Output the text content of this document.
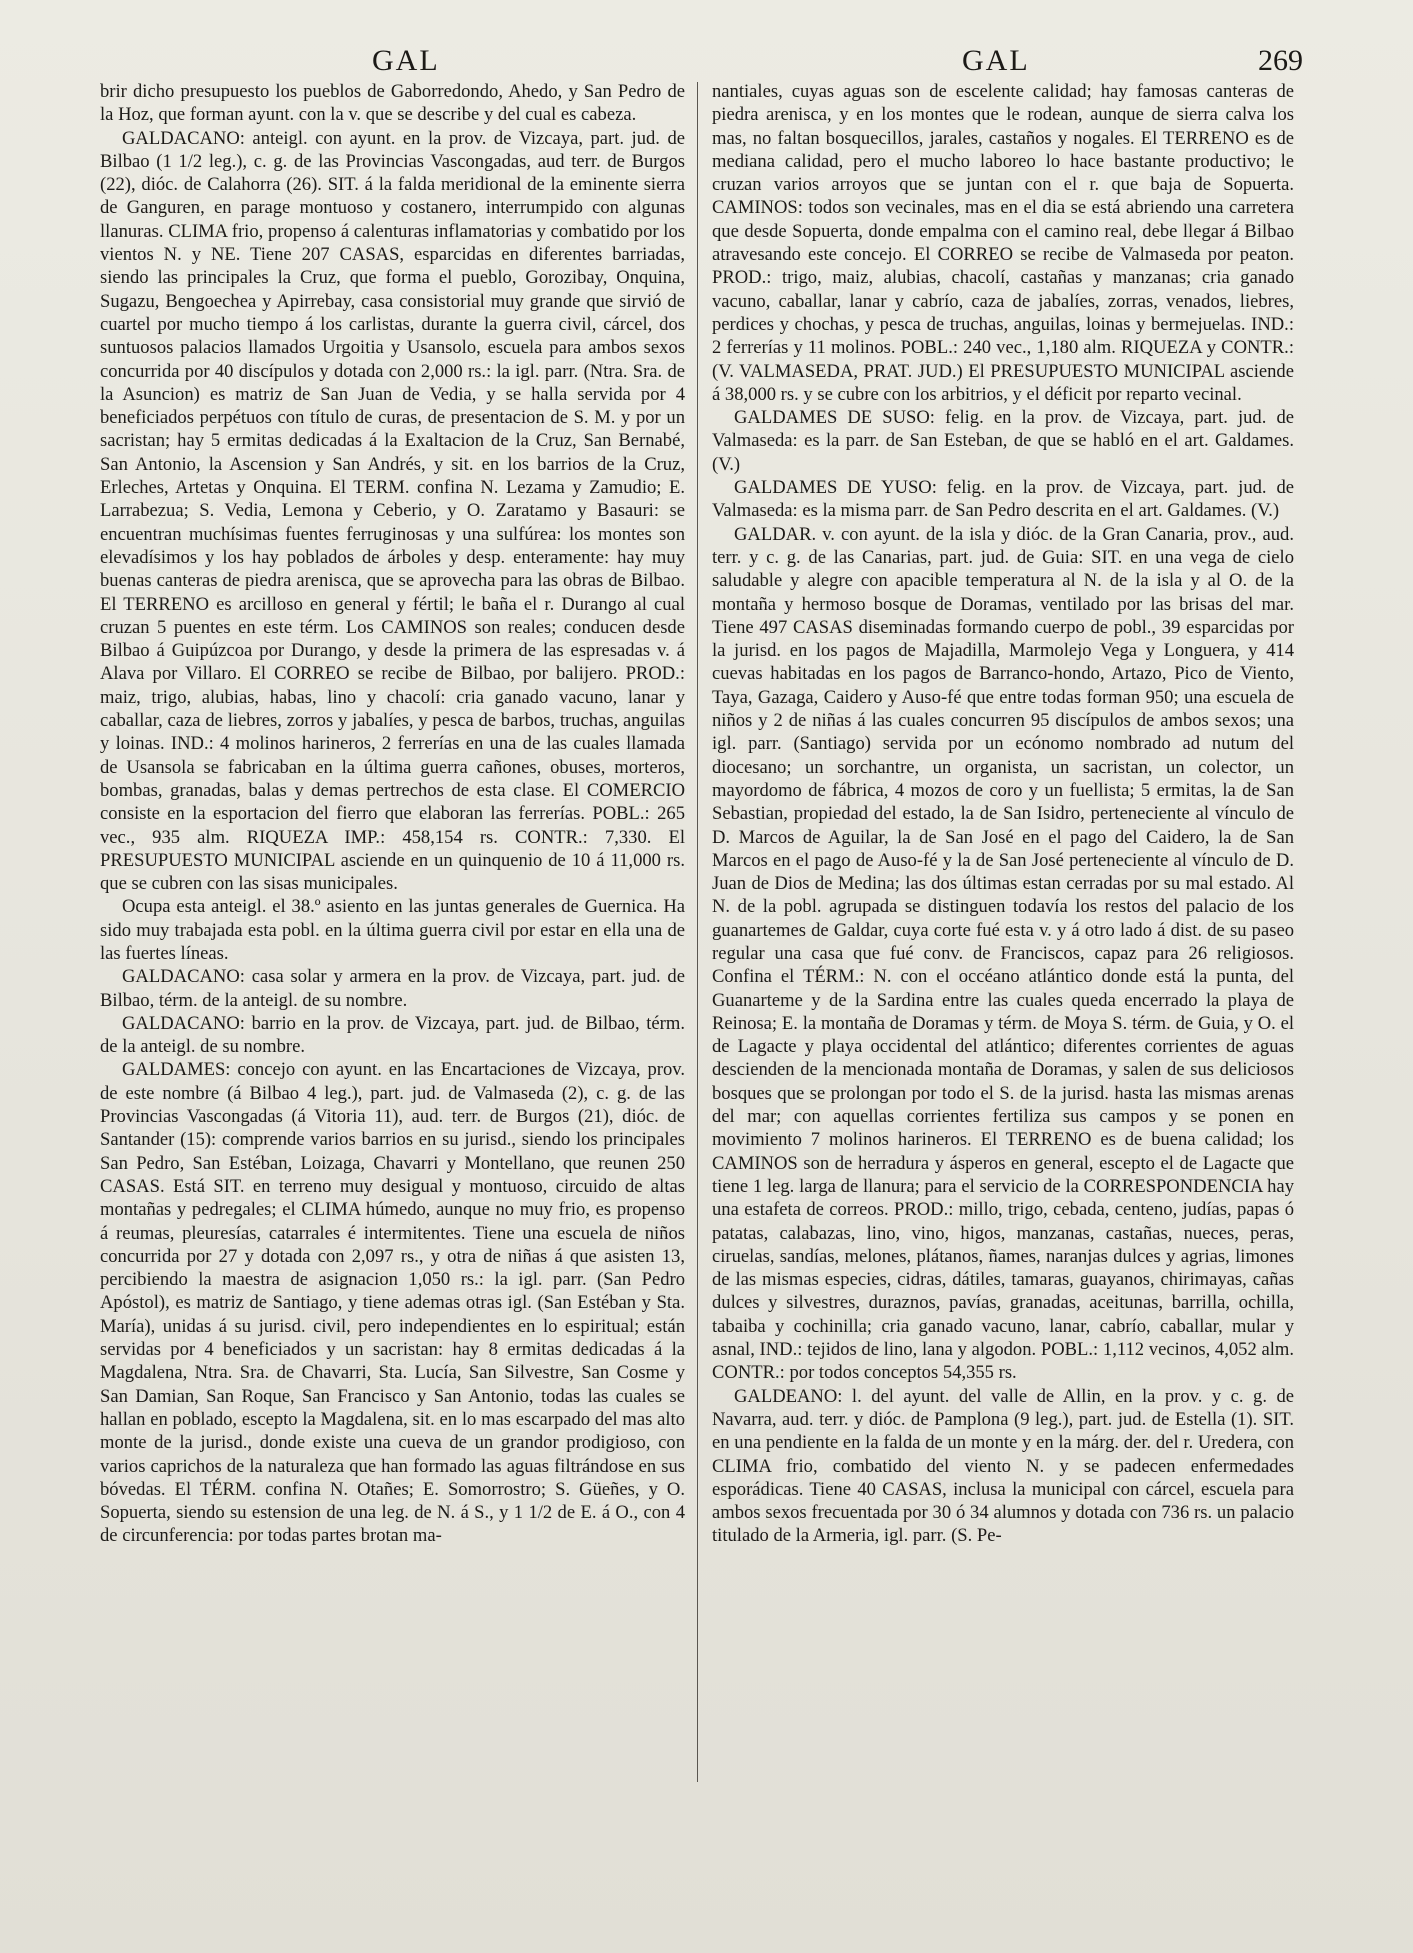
GAL	GAL	269

brir dicho presupuesto los pueblos de Gaborredondo, Ahedo, y San Pedro de la Hoz, que forman ayunt. con la v. que se describe y del cual es cabeza.

GALDACANO: anteigl. con ayunt. en la prov. de Vizcaya, part. jud. de Bilbao (1 1/2 leg.), c. g. de las Provincias Vascongadas, aud terr. de Burgos (22), dióc. de Calahorra (26). SIT. á la falda meridional de la eminente sierra de Ganguren, en parage montuoso y costanero, interrumpido con algunas llanuras. CLIMA frio, propenso á calenturas inflamatorias y combatido por los vientos N. y NE. Tiene 207 CASAS, esparcidas en diferentes barriadas, siendo las principales la Cruz, que forma el pueblo, Gorozibay, Onquina, Sugazu, Bengoechea y Apirrebay, casa consistorial muy grande que sirvió de cuartel por mucho tiempo á los carlistas, durante la guerra civil, cárcel, dos suntuosos palacios llamados Urgoitia y Usansolo, escuela para ambos sexos concurrida por 40 discípulos y dotada con 2,000 rs.: la igl. parr. (Ntra. Sra. de la Asuncion) es matriz de San Juan de Vedia, y se halla servida por 4 beneficiados perpétuos con título de curas, de presentacion de S. M. y por un sacristan; hay 5 ermitas dedicadas á la Exaltacion de la Cruz, San Bernabé, San Antonio, la Ascension y San Andrés, y sit. en los barrios de la Cruz, Erleches, Artetas y Onquina. El TERM. confina N. Lezama y Zamudio; E. Larrabezua; S. Vedia, Lemona y Ceberio, y O. Zaratamo y Basauri: se encuentran muchísimas fuentes ferruginosas y una sulfúrea: los montes son elevadísimos y los hay poblados de árboles y desp. enteramente: hay muy buenas canteras de piedra arenisca, que se aprovecha para las obras de Bilbao. El TERRENO es arcilloso en general y fértil; le baña el r. Durango al cual cruzan 5 puentes en este térm. Los CAMINOS son reales; conducen desde Bilbao á Guipúzcoa por Durango, y desde la primera de las espresadas v. á Alava por Villaro. El CORREO se recibe de Bilbao, por balijero. PROD.: maiz, trigo, alubias, habas, lino y chacolí: cria ganado vacuno, lanar y caballar, caza de liebres, zorros y jabalíes, y pesca de barbos, truchas, anguilas y loinas. IND.: 4 molinos harineros, 2 ferrerías en una de las cuales llamada de Usansola se fabricaban en la última guerra cañones, obuses, morteros, bombas, granadas, balas y demas pertrechos de esta clase. El COMERCIO consiste en la esportacion del fierro que elaboran las ferrerías. POBL.: 265 vec., 935 alm. RIQUEZA IMP.: 458,154 rs. CONTR.: 7,330. El PRESUPUESTO MUNICIPAL asciende en un quinquenio de 10 á 11,000 rs. que se cubren con las sisas municipales.

Ocupa esta anteigl. el 38.º asiento en las juntas generales de Guernica. Ha sido muy trabajada esta pobl. en la última guerra civil por estar en ella una de las fuertes líneas.

GALDACANO: casa solar y armera en la prov. de Vizcaya, part. jud. de Bilbao, térm. de la anteigl. de su nombre.

GALDACANO: barrio en la prov. de Vizcaya, part. jud. de Bilbao, térm. de la anteigl. de su nombre.

GALDAMES: concejo con ayunt. en las Encartaciones de Vizcaya, prov. de este nombre (á Bilbao 4 leg.), part. jud. de Valmaseda (2), c. g. de las Provincias Vascongadas (á Vitoria 11), aud. terr. de Burgos (21), dióc. de Santander (15): comprende varios barrios en su jurisd., siendo los principales San Pedro, San Estéban, Loizaga, Chavarri y Montellano, que reunen 250 CASAS. Está SIT. en terreno muy desigual y montuoso, circuido de altas montañas y pedregales; el CLIMA húmedo, aunque no muy frio, es propenso á reumas, pleuresías, catarrales é intermitentes. Tiene una escuela de niños concurrida por 27 y dotada con 2,097 rs., y otra de niñas á que asisten 13, percibiendo la maestra de asignacion 1,050 rs.: la igl. parr. (San Pedro Apóstol), es matriz de Santiago, y tiene ademas otras igl. (San Estéban y Sta. María), unidas á su jurisd. civil, pero independientes en lo espiritual; están servidas por 4 beneficiados y un sacristan: hay 8 ermitas dedicadas á la Magdalena, Ntra. Sra. de Chavarri, Sta. Lucía, San Silvestre, San Cosme y San Damian, San Roque, San Francisco y San Antonio, todas las cuales se hallan en poblado, escepto la Magdalena, sit. en lo mas escarpado del mas alto monte de la jurisd., donde existe una cueva de un grandor prodigioso, con varios caprichos de la naturaleza que han formado las aguas filtrándose en sus bóvedas. El TÉRM. confina N. Otañes; E. Somorrostro; S. Güeñes, y O. Sopuerta, siendo su estension de una leg. de N. á S., y 1 1/2 de E. á O., con 4 de circunferencia: por todas partes brotan ma-

nantiales, cuyas aguas son de escelente calidad; hay famosas canteras de piedra arenisca, y en los montes que le rodean, aunque de sierra calva los mas, no faltan bosquecillos, jarales, castaños y nogales. El TERRENO es de mediana calidad, pero el mucho laboreo lo hace bastante productivo; le cruzan varios arroyos que se juntan con el r. que baja de Sopuerta. CAMINOS: todos son vecinales, mas en el dia se está abriendo una carretera que desde Sopuerta, donde empalma con el camino real, debe llegar á Bilbao atravesando este concejo. El CORREO se recibe de Valmaseda por peaton. PROD.: trigo, maiz, alubias, chacolí, castañas y manzanas; cria ganado vacuno, caballar, lanar y cabrío, caza de jabalíes, zorras, venados, liebres, perdices y chochas, y pesca de truchas, anguilas, loinas y bermejuelas. IND.: 2 ferrerías y 11 molinos. POBL.: 240 vec., 1,180 alm. RIQUEZA y CONTR.: (V. VALMASEDA, PRAT. JUD.) El PRESUPUESTO MUNICIPAL asciende á 38,000 rs. y se cubre con los arbitrios, y el déficit por reparto vecinal.

GALDAMES DE SUSO: felig. en la prov. de Vizcaya, part. jud. de Valmaseda: es la parr. de San Esteban, de que se habló en el art. Galdames. (V.)

GALDAMES DE YUSO: felig. en la prov. de Vizcaya, part. jud. de Valmaseda: es la misma parr. de San Pedro descrita en el art. Galdames. (V.)

GALDAR. v. con ayunt. de la isla y dióc. de la Gran Canaria, prov., aud. terr. y c. g. de las Canarias, part. jud. de Guia: SIT. en una vega de cielo saludable y alegre con apacible temperatura al N. de la isla y al O. de la montaña y hermoso bosque de Doramas, ventilado por las brisas del mar. Tiene 497 CASAS diseminadas formando cuerpo de pobl., 39 esparcidas por la jurisd. en los pagos de Majadilla, Marmolejo Vega y Longuera, y 414 cuevas habitadas en los pagos de Barranco-hondo, Artazo, Pico de Viento, Taya, Gazaga, Caidero y Auso-fé que entre todas forman 950; una escuela de niños y 2 de niñas á las cuales concurren 95 discípulos de ambos sexos; una igl. parr. (Santiago) servida por un ecónomo nombrado ad nutum del diocesano; un sorchantre, un organista, un sacristan, un colector, un mayordomo de fábrica, 4 mozos de coro y un fuellista; 5 ermitas, la de San Sebastian, propiedad del estado, la de San Isidro, perteneciente al vínculo de D. Marcos de Aguilar, la de San José en el pago del Caidero, la de San Marcos en el pago de Auso-fé y la de San José perteneciente al vínculo de D. Juan de Dios de Medina; las dos últimas estan cerradas por su mal estado. Al N. de la pobl. agrupada se distinguen todavía los restos del palacio de los guanartemes de Galdar, cuya corte fué esta v. y á otro lado á dist. de su paseo regular una casa que fué conv. de Franciscos, capaz para 26 religiosos. Confina el TÉRM.: N. con el occéano atlántico donde está la punta, del Guanarteme y de la Sardina entre las cuales queda encerrado la playa de Reinosa; E. la montaña de Doramas y térm. de Moya S. térm. de Guia, y O. el de Lagacte y playa occidental del atlántico; diferentes corrientes de aguas descienden de la mencionada montaña de Doramas, y salen de sus deliciosos bosques que se prolongan por todo el S. de la jurisd. hasta las mismas arenas del mar; con aquellas corrientes fertiliza sus campos y se ponen en movimiento 7 molinos harineros. El TERRENO es de buena calidad; los CAMINOS son de herradura y ásperos en general, escepto el de Lagacte que tiene 1 leg. larga de llanura; para el servicio de la CORRESPONDENCIA hay una estafeta de correos. PROD.: millo, trigo, cebada, centeno, judías, papas ó patatas, calabazas, lino, vino, higos, manzanas, castañas, nueces, peras, ciruelas, sandías, melones, plátanos, ñames, naranjas dulces y agrias, limones de las mismas especies, cidras, dátiles, tamaras, guayanos, chirimayas, cañas dulces y silvestres, duraznos, pavías, granadas, aceitunas, barrilla, ochilla, tabaiba y cochinilla; cria ganado vacuno, lanar, cabrío, caballar, mular y asnal, IND.: tejidos de lino, lana y algodon. POBL.: 1,112 vecinos, 4,052 alm. CONTR.: por todos conceptos 54,355 rs.

GALDEANO: l. del ayunt. del valle de Allin, en la prov. y c. g. de Navarra, aud. terr. y dióc. de Pamplona (9 leg.), part. jud. de Estella (1). SIT. en una pendiente en la falda de un monte y en la márg. der. del r. Uredera, con CLIMA frio, combatido del viento N. y se padecen enfermedades esporádicas. Tiene 40 CASAS, inclusa la municipal con cárcel, escuela para ambos sexos frecuentada por 30 ó 34 alumnos y dotada con 736 rs. un palacio titulado de la Armeria, igl. parr. (S. Pe-
